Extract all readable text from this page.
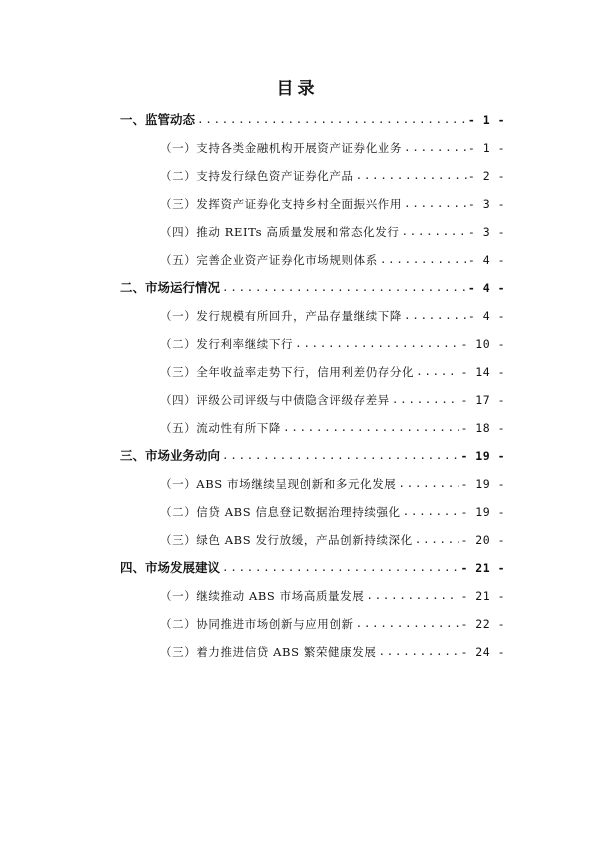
目录
一、监管动态 .....	- 1 -
（一）支持各类金融机构开展资产证券化业务 .....	- 1 -
（二）支持发行绿色资产证券化产品 .....	- 2 -
（三）发挥资产证券化支持乡村全面振兴作用 .....	- 3 -
（四）推动 REITs 高质量发展和常态化发行 .....	- 3 -
（五）完善企业资产证券化市场规则体系 .....	- 4 -
二、市场运行情况 .....	- 4 -
（一）发行规模有所回升，产品存量继续下降 .....	- 4 -
（二）发行利率继续下行 .....	- 10 -
（三）全年收益率走势下行，信用利差仍存分化 .....	- 14 -
（四）评级公司评级与中债隐含评级存差异 .....	- 17 -
（五）流动性有所下降 .....	- 18 -
三、市场业务动向 .....	- 19 -
（一）ABS 市场继续呈现创新和多元化发展 .....	- 19 -
（二）信贷 ABS 信息登记数据治理持续强化 .....	- 19 -
（三）绿色 ABS 发行放缓，产品创新持续深化 .....	- 20 -
四、市场发展建议 .....	- 21 -
（一）继续推动 ABS 市场高质量发展 .....	- 21 -
（二）协同推进市场创新与应用创新 .....	- 22 -
（三）着力推进信贷 ABS 繁荣健康发展 .....	- 24 -
